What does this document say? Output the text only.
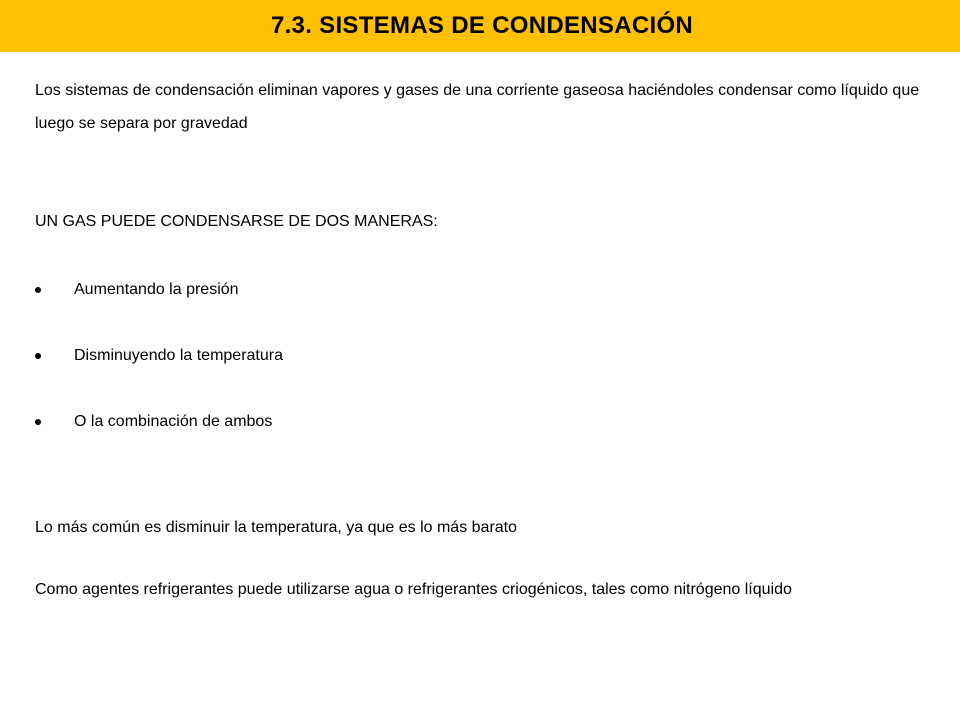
7.3. SISTEMAS DE CONDENSACIÓN

Los sistemas de condensación eliminan vapores y gases de una corriente gaseosa haciéndoles condensar como líquido que luego se separa por gravedad

UN GAS PUEDE CONDENSARSE DE DOS MANERAS:

Aumentando la presión
Disminuyendo la temperatura
O la combinación de ambos

Lo más común es disminuir la temperatura, ya que es lo más barato

Como agentes refrigerantes puede utilizarse agua o refrigerantes criogénicos, tales como nitrógeno líquido
